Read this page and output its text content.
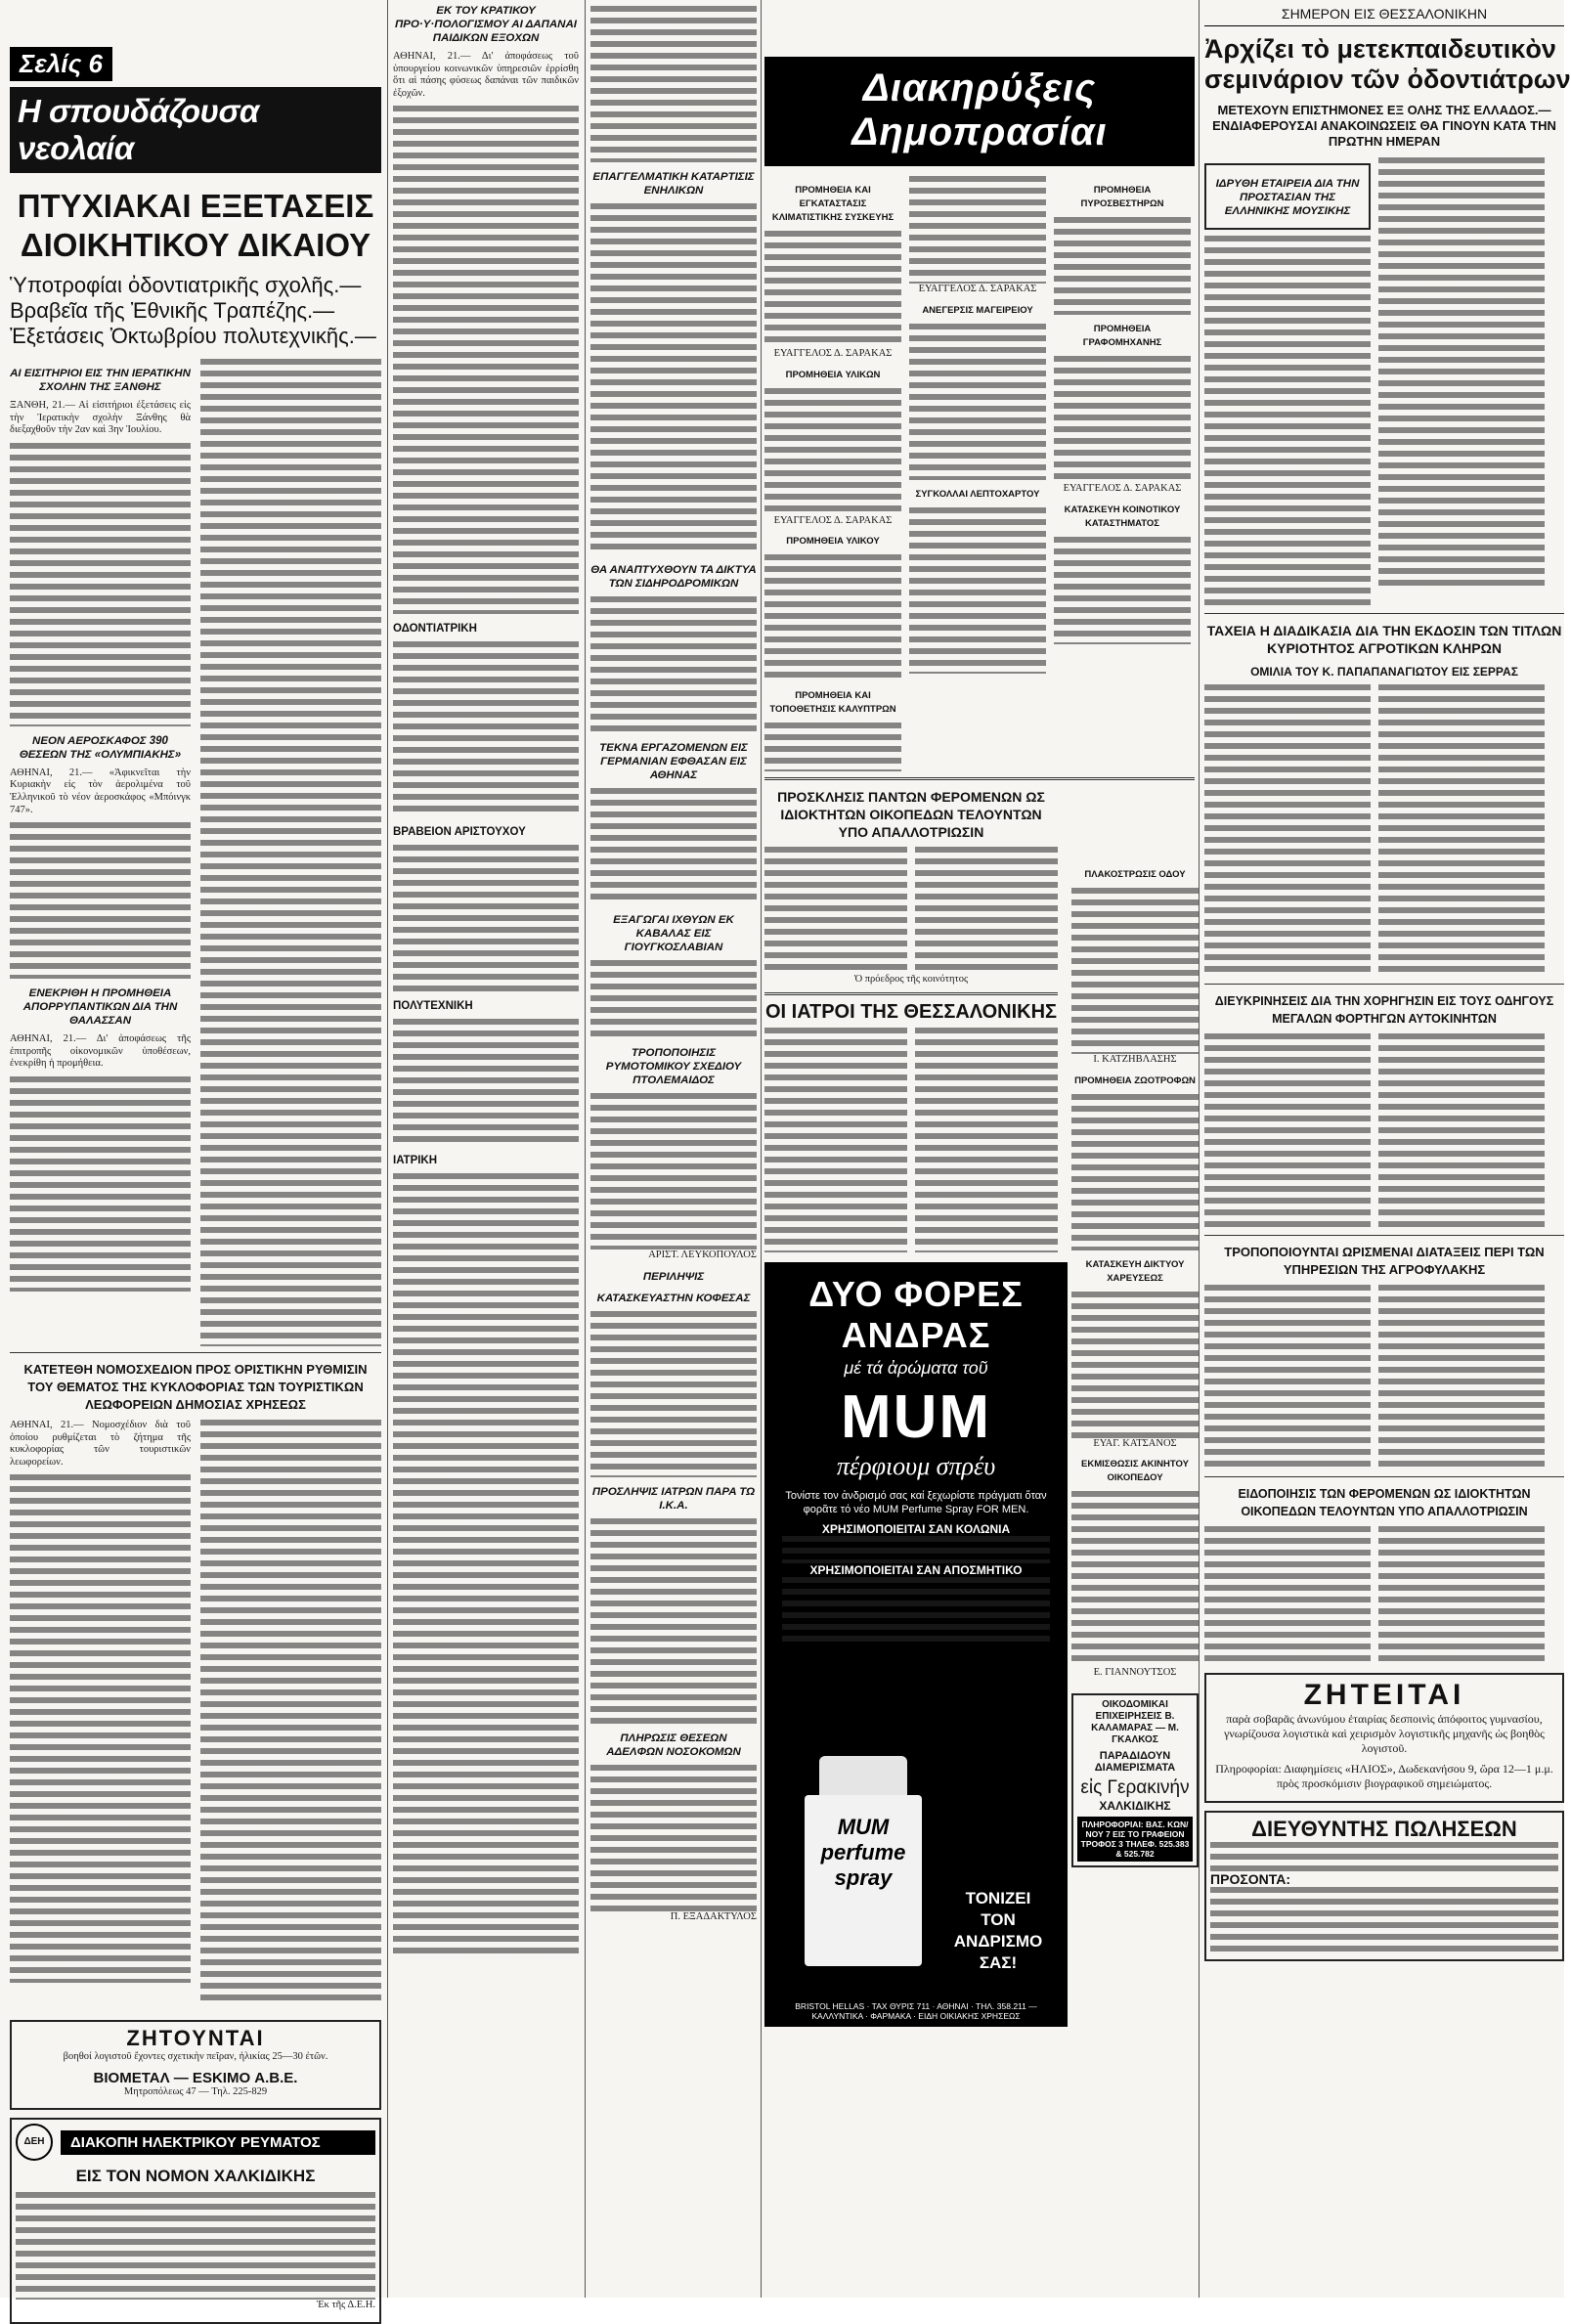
Σελίς 6
Η σπουδάζουσα νεολαία
ΠΤΥΧΙΑΚΑΙ ΕΞΕΤΑΣΕΙΣ ΔΙΟΙΚΗΤΙΚΟΥ ΔΙΚΑΙΟΥ
Ὑποτροφίαι ὀδοντιατρικῆς σχολῆς.— Βραβεῖα τῆς Ἐθνικῆς Τραπέζης.— Ἐξετάσεις Ὀκτωβρίου πολυτεχνικῆς.—
ΑΙ ΕΙΣΙΤΗΡΙΟΙ ΕΙΣ ΤΗΝ ΙΕΡΑΤΙΚΗΝ ΣΧΟΛΗΝ ΤΗΣ ΞΑΝΘΗΣ

ΞΑΝΘΗ, 21.— Αἱ εἰσιτήριοι ἐξετάσεις εἰς τὴν Ἱερατικὴν σχολὴν Ξάνθης θὰ διεξαχθοῦν τὴν 2αν καὶ 3ην Ἰουλίου.

ΝΕΟΝ ΑΕΡΟΣΚΑΦΟΣ 390 ΘΕΣΕΩΝ ΤΗΣ «ΟΛΥΜΠΙΑΚΗΣ»

ΑΘΗΝΑΙ, 21.— «Ἀφικνεῖται τὴν Κυριακὴν εἰς τὸν ἀερολιμένα τοῦ Ἑλληνικοῦ τὸ νέον ἀεροσκάφος «Μπόινγκ 747».

ΕΝΕΚΡΙΘΗ Η ΠΡΟΜΗΘΕΙΑ ΑΠΟΡΡΥΠΑΝΤΙΚΩΝ ΔΙΑ ΤΗΝ ΘΑΛΑΣΣΑΝ

ΑΘΗΝΑΙ, 21.— Δι' ἀποφάσεως τῆς ἐπιτροπῆς οἰκονομικῶν ὑποθέσεων, ἐνεκρίθη ἡ προμήθεια.

ΚΑΤΕΤΕΘΗ ΝΟΜΟΣΧΕΔΙΟΝ ΠΡΟΣ ΟΡΙΣΤΙΚΗΝ ΡΥΘΜΙΣΙΝ ΤΟΥ ΘΕΜΑΤΟΣ ΤΗΣ ΚΥΚΛΟΦΟΡΙΑΣ ΤΩΝ ΤΟΥΡΙΣΤΙΚΩΝ ΛΕΩΦΟΡΕΙΩΝ ΔΗΜΟΣΙΑΣ ΧΡΗΣΕΩΣ

ΑΘΗΝΑΙ, 21.— Νομοσχέδιον διὰ τοῦ ὁποίου ρυθμίζεται τὸ ζήτημα τῆς κυκλοφορίας τῶν τουριστικῶν λεωφορείων.

ΖΗΤΟΥΝΤΑΙ
βοηθοί λογιστοῦ ἔχοντες σχετικὴν πεῖραν, ἡλικίας 25—30 ἐτῶν.
ΒΙΟΜΕΤΑΛ — ESKIMO Α.Β.Ε.
Μητροπόλεως 47 — Τηλ. 225-829
ΔΕΗ	ΔΙΑΚΟΠΗ ΗΛΕΚΤΡΙΚΟΥ ΡΕΥΜΑΤΟΣ
ΕΙΣ ΤΟΝ ΝΟΜΟΝ ΧΑΛΚΙΔΙΚΗΣ
Ἐκ τῆς Δ.Ε.Η.
ΕΚ ΤΟΥ ΚΡΑΤΙΚΟΥ ΠΡΟ·Υ·ΠΟΛΟΓΙΣΜΟΥ ΑΙ ΔΑΠΑΝΑΙ ΠΑΙΔΙΚΩΝ ΕΞΟΧΩΝ

ΑΘΗΝΑΙ, 21.— Δι' ἀποφάσεως τοῦ ὑπουργείου κοινωνικῶν ὑπηρεσιῶν ἐρρίσθη ὅτι αἱ πάσης φύσεως δαπάναι τῶν παιδικῶν ἐξοχῶν.

ΟΔΟΝΤΙΑΤΡΙΚΗ
ΒΡΑΒΕΙΟΝ ΑΡΙΣΤΟΥΧΟΥ
ΠΟΛΥΤΕΧΝΙΚΗ
ΙΑΤΡΙΚΗ
ΕΠΑΓΓΕΛΜΑΤΙΚΗ ΚΑΤΑΡΤΙΣΙΣ ΕΝΗΛΙΚΩΝ
ΘΑ ΑΝΑΠΤΥΧΘΟΥΝ ΤΑ ΔΙΚΤΥΑ ΤΩΝ ΣΙΔΗΡΟΔΡΟΜΙΚΩΝ
ΤΕΚΝΑ ΕΡΓΑΖΟΜΕΝΩΝ ΕΙΣ ΓΕΡΜΑΝΙΑΝ ΕΦΘΑΣΑΝ ΕΙΣ ΑΘΗΝΑΣ
ΕΞΑΓΩΓΑΙ ΙΧΘΥΩΝ ΕΚ ΚΑΒΑΛΑΣ ΕΙΣ ΓΙΟΥΓΚΟΣΛΑΒΙΑΝ
ΤΡΟΠΟΠΟΙΗΣΙΣ ΡΥΜΟΤΟΜΙΚΟΥ ΣΧΕΔΙΟΥ ΠΤΟΛΕΜΑΙΔΟΣ
ΑΡΙΣΤ. ΛΕΥΚΟΠΟΥΛΟΣ
ΠΕΡΙΛΗΨΙΣ
ΚΑΤΑΣΚΕΥΑΣΤΗΝ ΚΟΦΕΣΑΣ
ΠΡΟΣΛΗΨΙΣ ΙΑΤΡΩΝ ΠΑΡΑ ΤΩ Ι.Κ.Α.
ΠΛΗΡΩΣΙΣ ΘΕΣΕΩΝ ΑΔΕΛΦΩΝ ΝΟΣΟΚΟΜΩΝ
Π. ΕΞΑΔΑΚΤΥΛΟΣ
Διακηρύξεις Δημοπρασίαι
ΠΡΟΜΗΘΕΙΑ ΚΑΙ ΕΓΚΑΤΑΣΤΑΣΙΣ ΚΛΙΜΑΤΙΣΤΙΚΗΣ ΣΥΣΚΕΥΗΣ
ΕΥΑΓΓΕΛΟΣ Δ. ΣΑΡΑΚΑΣ
ΠΡΟΜΗΘΕΙΑ ΥΛΙΚΩΝ
ΕΥΑΓΓΕΛΟΣ Δ. ΣΑΡΑΚΑΣ
ΠΡΟΜΗΘΕΙΑ ΥΛΙΚΟΥ
ΠΡΟΜΗΘΕΙΑ ΚΑΙ ΤΟΠΟΘΕΤΗΣΙΣ ΚΑΛΥΠΤΡΩΝ
ΕΥΑΓΓΕΛΟΣ Δ. ΣΑΡΑΚΑΣ
ΑΝΕΓΕΡΣΙΣ ΜΑΓΕΙΡΕΙΟΥ
ΣΥΓΚΟΛΛΑΙ ΛΕΠΤΟΧΑΡΤΟΥ
ΠΡΟΜΗΘΕΙΑ ΠΥΡΟΣΒΕΣΤΗΡΩΝ
ΠΡΟΜΗΘΕΙΑ ΓΡΑΦΟΜΗΧΑΝΗΣ
ΕΥΑΓΓΕΛΟΣ Δ. ΣΑΡΑΚΑΣ
ΚΑΤΑΣΚΕΥΗ ΚΟΙΝΟΤΙΚΟΥ ΚΑΤΑΣΤΗΜΑΤΟΣ
ΠΡΟΣΚΛΗΣΙΣ ΠΑΝΤΩΝ ΦΕΡΟΜΕΝΩΝ ΩΣ ΙΔΙΟΚΤΗΤΩΝ ΟΙΚΟΠΕΔΩΝ ΤΕΛΟΥΝΤΩΝ ΥΠΟ ΑΠΑΛΛΟΤΡΙΩΣΙΝ
Ὁ πρόεδρος τῆς κοινότητος
ΟΙ ΙΑΤΡΟΙ ΤΗΣ ΘΕΣΣΑΛΟΝΙΚΗΣ
ΔΥΟ ΦΟΡΕΣ
ΑΝΔΡΑΣ
μέ τά ἀρώματα τοῦ
MUM
πέρφιουμ σπρέυ
Τονίστε τον ἀνδρισμό σας καί ξεχωρίστε πράγματι ὅταν φορᾶτε τό νέο MUM Perfume Spray FOR MEN.
ΧΡΗΣΙΜΟΠΟΙΕΙΤΑΙ ΣΑΝ ΚΟΛΩΝΙΑ
ΧΡΗΣΙΜΟΠΟΙΕΙΤΑΙ ΣΑΝ ΑΠΟΣΜΗΤΙΚΟ
MUM perfume spray
ΤΟΝΙΖΕΙ
ΤΟΝ
ΑΝΔΡΙΣΜΟ ΣΑΣ!
BRISTOL HELLAS · ΤΑΧ ΘΥΡΙΣ 711 · ΑΘΗΝΑΙ · ΤΗΛ. 358.211 — ΚΑΛΛΥΝΤΙΚΑ · ΦΑΡΜΑΚΑ · ΕΙΔΗ ΟΙΚΙΑΚΗΣ ΧΡΗΣΕΩΣ
ΠΛΑΚΟΣΤΡΩΣΙΣ ΟΔΟΥ
Ι. ΚΑΤΖΗΒΛΑΣΗΣ
ΠΡΟΜΗΘΕΙΑ ΖΩΟΤΡΟΦΩΝ
ΚΑΤΑΣΚΕΥΗ ΔΙΚΤΥΟΥ ΧΑΡΕΥΣΕΩΣ
ΕΥΑΓ. ΚΑΤΣΑΝΟΣ
ΕΚΜΙΣΘΩΣΙΣ ΑΚΙΝΗΤΟΥ ΟΙΚΟΠΕΔΟΥ
Ε. ΓΙΑΝΝΟΥΤΣΟΣ
ΟΙΚΟΔΟΜΙΚΑΙ ΕΠΙΧΕΙΡΗΣΕΙΣ Β. ΚΑΛΑΜΑΡΑΣ — Μ. ΓΚΑΛΚΟΣ
ΠΑΡΑΔΙΔΟΥΝ ΔΙΑΜΕΡΙΣΜΑΤΑ
εἰς Γερακινήν
ΧΑΛΚΙΔΙΚΗΣ
ΠΛΗΡΟΦΟΡΙΑΙ: ΒΑΣ. ΚΩΝ/ΝΟΥ 7 ΕΙΣ ΤΟ ΓΡΑΦΕΙΟΝ ΤΡΟΦΟΣ 3 ΤΗΛΕΦ. 525.383 & 525.782
ΣΗΜΕΡΟΝ ΕΙΣ ΘΕΣΣΑΛΟΝΙΚΗΝ
Ἀρχίζει τὸ μετεκπαιδευτικὸν
σεμινάριον τῶν ὀδοντιάτρων
ΜΕΤΕΧΟΥΝ ΕΠΙΣΤΗΜΟΝΕΣ ΕΞ ΟΛΗΣ ΤΗΣ ΕΛΛΑΔΟΣ.—ΕΝΔΙΑΦΕΡΟΥΣΑΙ ΑΝΑΚΟΙΝΩΣΕΙΣ ΘΑ ΓΙΝΟΥΝ ΚΑΤΑ ΤΗΝ ΠΡΩΤΗΝ ΗΜΕΡΑΝ
ΙΔΡΥΘΗ ΕΤΑΙΡΕΙΑ ΔΙΑ ΤΗΝ ΠΡΟΣΤΑΣΙΑΝ ΤΗΣ ΕΛΛΗΝΙΚΗΣ ΜΟΥΣΙΚΗΣ
ΤΑΧΕΙΑ Η ΔΙΑΔΙΚΑΣΙΑ ΔΙΑ ΤΗΝ ΕΚΔΟΣΙΝ ΤΩΝ ΤΙΤΛΩΝ ΚΥΡΙΟΤΗΤΟΣ ΑΓΡΟΤΙΚΩΝ ΚΛΗΡΩΝ
ΟΜΙΛΙΑ ΤΟΥ Κ. ΠΑΠΑΠΑΝΑΓΙΩΤΟΥ ΕΙΣ ΣΕΡΡΑΣ
ΔΙΕΥΚΡΙΝΗΣΕΙΣ ΔΙΑ ΤΗΝ ΧΟΡΗΓΗΣΙΝ ΕΙΣ ΤΟΥΣ ΟΔΗΓΟΥΣ ΜΕΓΑΛΩΝ ΦΟΡΤΗΓΩΝ ΑΥΤΟΚΙΝΗΤΩΝ
ΤΡΟΠΟΠΟΙΟΥΝΤΑΙ ΩΡΙΣΜΕΝΑΙ ΔΙΑΤΑΞΕΙΣ ΠΕΡΙ ΤΩΝ ΥΠΗΡΕΣΙΩΝ ΤΗΣ ΑΓΡΟΦΥΛΑΚΗΣ
ΕΙΔΟΠΟΙΗΣΙΣ ΤΩΝ ΦΕΡΟΜΕΝΩΝ ΩΣ ΙΔΙΟΚΤΗΤΩΝ ΟΙΚΟΠΕΔΩΝ ΤΕΛΟΥΝΤΩΝ ΥΠΟ ΑΠΑΛΛΟΤΡΙΩΣΙΝ
ΖΗΤΕΙΤΑΙ
παρὰ σοβαρᾶς ἀνωνύμου ἐταιρίας δεσποινὶς ἀπόφοιτος γυμνασίου, γνωρίζουσα λογιστικὰ καὶ χειρισμὸν λογιστικῆς μηχανῆς ὡς βοηθὸς λογιστοῦ.
Πληροφορίαι: Διαφημίσεις «ΗΛΙΟΣ», Δωδεκανήσου 9, ὥρα 12—1 μ.μ. πρὸς προσκόμισιν βιογραφικοῦ σημειώματος.
ΔΙΕΥΘΥΝΤΗΣ ΠΩΛΗΣΕΩΝ
ΠΡΟΣΟΝΤΑ:
